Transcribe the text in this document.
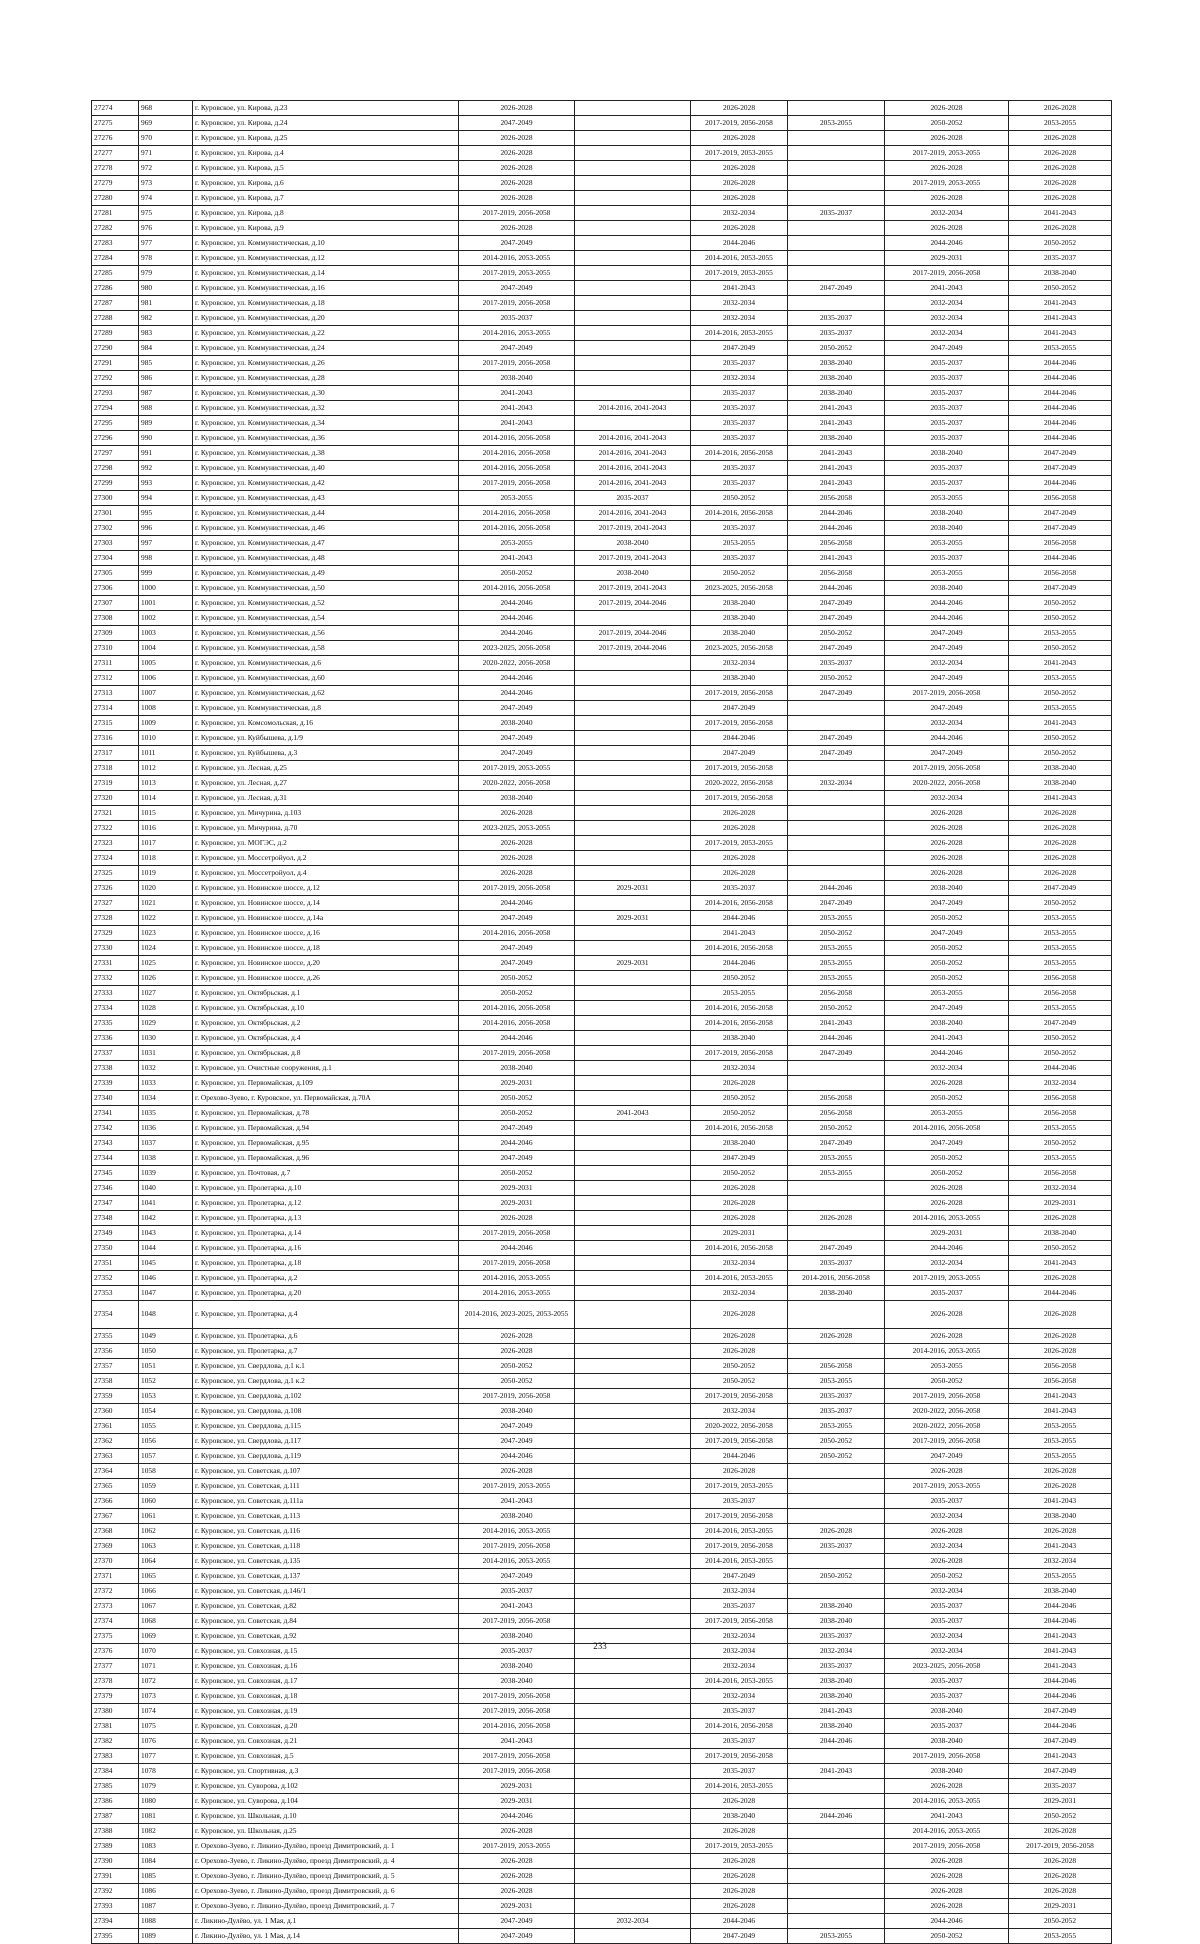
27274	968	г. Куровское, ул. Кирова, д.23	2026-2028		2026-2028		2026-2028	2026-2028
27275	969	г. Куровское, ул. Кирова, д.24	2047-2049		2017-2019, 2056-2058	2053-2055	2050-2052	2053-2055
27276	970	г. Куровское, ул. Кирова, д.25	2026-2028		2026-2028		2026-2028	2026-2028
27277	971	г. Куровское, ул. Кирова, д.4	2026-2028		2017-2019, 2053-2055		2017-2019, 2053-2055	2026-2028
27278	972	г. Куровское, ул. Кирова, д.5	2026-2028		2026-2028		2026-2028	2026-2028
27279	973	г. Куровское, ул. Кирова, д.6	2026-2028		2026-2028		2017-2019, 2053-2055	2026-2028
27280	974	г. Куровское, ул. Кирова, д.7	2026-2028		2026-2028		2026-2028	2026-2028
27281	975	г. Куровское, ул. Кирова, д.8	2017-2019, 2056-2058		2032-2034	2035-2037	2032-2034	2041-2043
27282	976	г. Куровское, ул. Кирова, д.9	2026-2028		2026-2028		2026-2028	2026-2028
27283	977	г. Куровское, ул. Коммунистическая, д.10	2047-2049		2044-2046		2044-2046	2050-2052
27284	978	г. Куровское, ул. Коммунистическая, д.12	2014-2016, 2053-2055		2014-2016, 2053-2055		2029-2031	2035-2037
27285	979	г. Куровское, ул. Коммунистическая, д.14	2017-2019, 2053-2055		2017-2019, 2053-2055		2017-2019, 2056-2058	2038-2040
27286	980	г. Куровское, ул. Коммунистическая, д.16	2047-2049		2041-2043	2047-2049	2041-2043	2050-2052
27287	981	г. Куровское, ул. Коммунистическая, д.18	2017-2019, 2056-2058		2032-2034		2032-2034	2041-2043
27288	982	г. Куровское, ул. Коммунистическая, д.20	2035-2037		2032-2034	2035-2037	2032-2034	2041-2043
27289	983	г. Куровское, ул. Коммунистическая, д.22	2014-2016, 2053-2055		2014-2016, 2053-2055	2035-2037	2032-2034	2041-2043
27290	984	г. Куровское, ул. Коммунистическая, д.24	2047-2049		2047-2049	2050-2052	2047-2049	2053-2055
27291	985	г. Куровское, ул. Коммунистическая, д.26	2017-2019, 2056-2058		2035-2037	2038-2040	2035-2037	2044-2046
27292	986	г. Куровское, ул. Коммунистическая, д.28	2038-2040		2032-2034	2038-2040	2035-2037	2044-2046
27293	987	г. Куровское, ул. Коммунистическая, д.30	2041-2043		2035-2037	2038-2040	2035-2037	2044-2046
27294	988	г. Куровское, ул. Коммунистическая, д.32	2041-2043	2014-2016, 2041-2043	2035-2037	2041-2043	2035-2037	2044-2046
27295	989	г. Куровское, ул. Коммунистическая, д.34	2041-2043		2035-2037	2041-2043	2035-2037	2044-2046
27296	990	г. Куровское, ул. Коммунистическая, д.36	2014-2016, 2056-2058	2014-2016, 2041-2043	2035-2037	2038-2040	2035-2037	2044-2046
27297	991	г. Куровское, ул. Коммунистическая, д.38	2014-2016, 2056-2058	2014-2016, 2041-2043	2014-2016, 2056-2058	2041-2043	2038-2040	2047-2049
27298	992	г. Куровское, ул. Коммунистическая, д.40	2014-2016, 2056-2058	2014-2016, 2041-2043	2035-2037	2041-2043	2035-2037	2047-2049
27299	993	г. Куровское, ул. Коммунистическая, д.42	2017-2019, 2056-2058	2014-2016, 2041-2043	2035-2037	2041-2043	2035-2037	2044-2046
27300	994	г. Куровское, ул. Коммунистическая, д.43	2053-2055	2035-2037	2050-2052	2056-2058	2053-2055	2056-2058
27301	995	г. Куровское, ул. Коммунистическая, д.44	2014-2016, 2056-2058	2014-2016, 2041-2043	2014-2016, 2056-2058	2044-2046	2038-2040	2047-2049
27302	996	г. Куровское, ул. Коммунистическая, д.46	2014-2016, 2056-2058	2017-2019, 2041-2043	2035-2037	2044-2046	2038-2040	2047-2049
27303	997	г. Куровское, ул. Коммунистическая, д.47	2053-2055	2038-2040	2053-2055	2056-2058	2053-2055	2056-2058
27304	998	г. Куровское, ул. Коммунистическая, д.48	2041-2043	2017-2019, 2041-2043	2035-2037	2041-2043	2035-2037	2044-2046
27305	999	г. Куровское, ул. Коммунистическая, д.49	2050-2052	2038-2040	2050-2052	2056-2058	2053-2055	2056-2058
27306	1000	г. Куровское, ул. Коммунистическая, д.50	2014-2016, 2056-2058	2017-2019, 2041-2043	2023-2025, 2056-2058	2044-2046	2038-2040	2047-2049
27307	1001	г. Куровское, ул. Коммунистическая, д.52	2044-2046	2017-2019, 2044-2046	2038-2040	2047-2049	2044-2046	2050-2052
27308	1002	г. Куровское, ул. Коммунистическая, д.54	2044-2046		2038-2040	2047-2049	2044-2046	2050-2052
27309	1003	г. Куровское, ул. Коммунистическая, д.56	2044-2046	2017-2019, 2044-2046	2038-2040	2050-2052	2047-2049	2053-2055
27310	1004	г. Куровское, ул. Коммунистическая, д.58	2023-2025, 2056-2058	2017-2019, 2044-2046	2023-2025, 2056-2058	2047-2049	2047-2049	2050-2052
27311	1005	г. Куровское, ул. Коммунистическая, д.6	2020-2022, 2056-2058		2032-2034	2035-2037	2032-2034	2041-2043
27312	1006	г. Куровское, ул. Коммунистическая, д.60	2044-2046		2038-2040	2050-2052	2047-2049	2053-2055
27313	1007	г. Куровское, ул. Коммунистическая, д.62	2044-2046		2017-2019, 2056-2058	2047-2049	2017-2019, 2056-2058	2050-2052
27314	1008	г. Куровское, ул. Коммунистическая, д.8	2047-2049		2047-2049		2047-2049	2053-2055
27315	1009	г. Куровское, ул. Комсомольская, д.16	2038-2040		2017-2019, 2056-2058		2032-2034	2041-2043
27316	1010	г. Куровское, ул. Куйбышева, д.1/9	2047-2049		2044-2046	2047-2049	2044-2046	2050-2052
27317	1011	г. Куровское, ул. Куйбышева, д.3	2047-2049		2047-2049	2047-2049	2047-2049	2050-2052
27318	1012	г. Куровское, ул. Лесная, д.25	2017-2019, 2053-2055		2017-2019, 2056-2058		2017-2019, 2056-2058	2038-2040
27319	1013	г. Куровское, ул. Лесная, д.27	2020-2022, 2056-2058		2020-2022, 2056-2058	2032-2034	2020-2022, 2056-2058	2038-2040
27320	1014	г. Куровское, ул. Лесная, д.31	2038-2040		2017-2019, 2056-2058		2032-2034	2041-2043
27321	1015	г. Куровское, ул. Мичурина, д.103	2026-2028		2026-2028		2026-2028	2026-2028
27322	1016	г. Куровское, ул. Мичурина, д.70	2023-2025, 2053-2055		2026-2028		2026-2028	2026-2028
27323	1017	г. Куровское, ул. МОГЭС, д.2	2026-2028		2017-2019, 2053-2055		2026-2028	2026-2028
27324	1018	г. Куровское, ул. Моссетройуол, д.2	2026-2028		2026-2028		2026-2028	2026-2028
27325	1019	г. Куровское, ул. Моссетройуол, д.4	2026-2028		2026-2028		2026-2028	2026-2028
27326	1020	г. Куровское, ул. Новинское шоссе, д.12	2017-2019, 2056-2058	2029-2031	2035-2037	2044-2046	2038-2040	2047-2049
27327	1021	г. Куровское, ул. Новинское шоссе, д.14	2044-2046		2014-2016, 2056-2058	2047-2049	2047-2049	2050-2052
27328	1022	г. Куровское, ул. Новинское шоссе, д.14а	2047-2049	2029-2031	2044-2046	2053-2055	2050-2052	2053-2055
27329	1023	г. Куровское, ул. Новинское шоссе, д.16	2014-2016, 2056-2058		2041-2043	2050-2052	2047-2049	2053-2055
27330	1024	г. Куровское, ул. Новинское шоссе, д.18	2047-2049		2014-2016, 2056-2058	2053-2055	2050-2052	2053-2055
27331	1025	г. Куровское, ул. Новинское шоссе, д.20	2047-2049	2029-2031	2044-2046	2053-2055	2050-2052	2053-2055
27332	1026	г. Куровское, ул. Новинское шоссе, д.26	2050-2052		2050-2052	2053-2055	2050-2052	2056-2058
27333	1027	г. Куровское, ул. Октябрьская, д.1	2050-2052		2053-2055	2056-2058	2053-2055	2056-2058
27334	1028	г. Куровское, ул. Октябрьская, д.10	2014-2016, 2056-2058		2014-2016, 2056-2058	2050-2052	2047-2049	2053-2055
27335	1029	г. Куровское, ул. Октябрьская, д.2	2014-2016, 2056-2058		2014-2016, 2056-2058	2041-2043	2038-2040	2047-2049
27336	1030	г. Куровское, ул. Октябрьская, д.4	2044-2046		2038-2040	2044-2046	2041-2043	2050-2052
27337	1031	г. Куровское, ул. Октябрьская, д.8	2017-2019, 2056-2058		2017-2019, 2056-2058	2047-2049	2044-2046	2050-2052
27338	1032	г. Куровское, ул. Очистные сооружения, д.1	2038-2040		2032-2034		2032-2034	2044-2046
27339	1033	г. Куровское, ул. Первомайская, д.109	2029-2031		2026-2028		2026-2028	2032-2034
27340	1034	г. Орехово-Зуево, г. Куровское, ул. Первомайская, д.70А	2050-2052		2050-2052	2056-2058	2050-2052	2056-2058
27341	1035	г. Куровское, ул. Первомайская, д.78	2050-2052	2041-2043	2050-2052	2056-2058	2053-2055	2056-2058
27342	1036	г. Куровское, ул. Первомайская, д.94	2047-2049		2014-2016, 2056-2058	2050-2052	2014-2016, 2056-2058	2053-2055
27343	1037	г. Куровское, ул. Первомайская, д.95	2044-2046		2038-2040	2047-2049	2047-2049	2050-2052
27344	1038	г. Куровское, ул. Первомайская, д.96	2047-2049		2047-2049	2053-2055	2050-2052	2053-2055
27345	1039	г. Куровское, ул. Почтовая, д.7	2050-2052		2050-2052	2053-2055	2050-2052	2056-2058
27346	1040	г. Куровское, ул. Пролетарка, д.10	2029-2031		2026-2028		2026-2028	2032-2034
27347	1041	г. Куровское, ул. Пролетарка, д.12	2029-2031		2026-2028		2026-2028	2029-2031
27348	1042	г. Куровское, ул. Пролетарка, д.13	2026-2028		2026-2028	2026-2028	2014-2016, 2053-2055	2026-2028
27349	1043	г. Куровское, ул. Пролетарка, д.14	2017-2019, 2056-2058		2029-2031		2029-2031	2038-2040
27350	1044	г. Куровское, ул. Пролетарка, д.16	2044-2046		2014-2016, 2056-2058	2047-2049	2044-2046	2050-2052
27351	1045	г. Куровское, ул. Пролетарка, д.18	2017-2019, 2056-2058		2032-2034	2035-2037	2032-2034	2041-2043
27352	1046	г. Куровское, ул. Пролетарка, д.2	2014-2016, 2053-2055		2014-2016, 2053-2055	2014-2016, 2056-2058	2017-2019, 2053-2055	2026-2028
27353	1047	г. Куровское, ул. Пролетарка, д.20	2014-2016, 2053-2055		2032-2034	2038-2040	2035-2037	2044-2046
27354	1048	г. Куровское, ул. Пролетарка, д.4	2014-2016, 2023-2025, 2053-2055		2026-2028		2026-2028	2026-2028
27355	1049	г. Куровское, ул. Пролетарка, д.6	2026-2028		2026-2028	2026-2028	2026-2028	2026-2028
27356	1050	г. Куровское, ул. Пролетарка, д.7	2026-2028		2026-2028		2014-2016, 2053-2055	2026-2028
27357	1051	г. Куровское, ул. Свердлова, д.1 к.1	2050-2052		2050-2052	2056-2058	2053-2055	2056-2058
27358	1052	г. Куровское, ул. Свердлова, д.1 к.2	2050-2052		2050-2052	2053-2055	2050-2052	2056-2058
27359	1053	г. Куровское, ул. Свердлова, д.102	2017-2019, 2056-2058		2017-2019, 2056-2058	2035-2037	2017-2019, 2056-2058	2041-2043
27360	1054	г. Куровское, ул. Свердлова, д.108	2038-2040		2032-2034	2035-2037	2020-2022, 2056-2058	2041-2043
27361	1055	г. Куровское, ул. Свердлова, д.115	2047-2049		2020-2022, 2056-2058	2053-2055	2020-2022, 2056-2058	2053-2055
27362	1056	г. Куровское, ул. Свердлова, д.117	2047-2049		2017-2019, 2056-2058	2050-2052	2017-2019, 2056-2058	2053-2055
27363	1057	г. Куровское, ул. Свердлова, д.119	2044-2046		2044-2046	2050-2052	2047-2049	2053-2055
27364	1058	г. Куровское, ул. Советская, д.107	2026-2028		2026-2028		2026-2028	2026-2028
27365	1059	г. Куровское, ул. Советская, д.111	2017-2019, 2053-2055		2017-2019, 2053-2055		2017-2019, 2053-2055	2026-2028
27366	1060	г. Куровское, ул. Советская, д.111а	2041-2043		2035-2037		2035-2037	2041-2043
27367	1061	г. Куровское, ул. Советская, д.113	2038-2040		2017-2019, 2056-2058		2032-2034	2038-2040
27368	1062	г. Куровское, ул. Советская, д.116	2014-2016, 2053-2055		2014-2016, 2053-2055	2026-2028	2026-2028	2026-2028
27369	1063	г. Куровское, ул. Советская, д.118	2017-2019, 2056-2058		2017-2019, 2056-2058	2035-2037	2032-2034	2041-2043
27370	1064	г. Куровское, ул. Советская, д.135	2014-2016, 2053-2055		2014-2016, 2053-2055		2026-2028	2032-2034
27371	1065	г. Куровское, ул. Советская, д.137	2047-2049		2047-2049	2050-2052	2050-2052	2053-2055
27372	1066	г. Куровское, ул. Советская, д.146/1	2035-2037		2032-2034		2032-2034	2038-2040
27373	1067	г. Куровское, ул. Советская, д.82	2041-2043		2035-2037	2038-2040	2035-2037	2044-2046
27374	1068	г. Куровское, ул. Советская, д.84	2017-2019, 2056-2058		2017-2019, 2056-2058	2038-2040	2035-2037	2044-2046
27375	1069	г. Куровское, ул. Советская, д.92	2038-2040		2032-2034	2035-2037	2032-2034	2041-2043
27376	1070	г. Куровское, ул. Совхозная, д.15	2035-2037		2032-2034	2032-2034	2032-2034	2041-2043
27377	1071	г. Куровское, ул. Совхозная, д.16	2038-2040		2032-2034	2035-2037	2023-2025, 2056-2058	2041-2043
27378	1072	г. Куровское, ул. Совхозная, д.17	2038-2040		2014-2016, 2053-2055	2038-2040	2035-2037	2044-2046
27379	1073	г. Куровское, ул. Совхозная, д.18	2017-2019, 2056-2058		2032-2034	2038-2040	2035-2037	2044-2046
27380	1074	г. Куровское, ул. Совхозная, д.19	2017-2019, 2056-2058		2035-2037	2041-2043	2038-2040	2047-2049
27381	1075	г. Куровское, ул. Совхозная, д.20	2014-2016, 2056-2058		2014-2016, 2056-2058	2038-2040	2035-2037	2044-2046
27382	1076	г. Куровское, ул. Совхозная, д.21	2041-2043		2035-2037	2044-2046	2038-2040	2047-2049
27383	1077	г. Куровское, ул. Совхозная, д.5	2017-2019, 2056-2058		2017-2019, 2056-2058		2017-2019, 2056-2058	2041-2043
27384	1078	г. Куровское, ул. Спортивная, д.3	2017-2019, 2056-2058		2035-2037	2041-2043	2038-2040	2047-2049
27385	1079	г. Куровское, ул. Суворова, д.102	2029-2031		2014-2016, 2053-2055		2026-2028	2035-2037
27386	1080	г. Куровское, ул. Суворова, д.104	2029-2031		2026-2028		2014-2016, 2053-2055	2029-2031
27387	1081	г. Куровское, ул. Школьная, д.10	2044-2046		2038-2040	2044-2046	2041-2043	2050-2052
27388	1082	г. Куровское, ул. Школьная, д.25	2026-2028		2026-2028		2014-2016, 2053-2055	2026-2028
27389	1083	г. Орехово-Зуево, г. Ликино-Дулёво, проезд Димитровский, д. 1	2017-2019, 2053-2055		2017-2019, 2053-2055		2017-2019, 2056-2058	2017-2019, 2056-2058
27390	1084	г. Орехово-Зуево, г. Ликино-Дулёво, проезд Димитровский, д. 4	2026-2028		2026-2028		2026-2028	2026-2028
27391	1085	г. Орехово-Зуево, г. Ликино-Дулёво, проезд Димитровский, д. 5	2026-2028		2026-2028		2026-2028	2026-2028
27392	1086	г. Орехово-Зуево, г. Ликино-Дулёво, проезд Димитровский, д. 6	2026-2028		2026-2028		2026-2028	2026-2028
27393	1087	г. Орехово-Зуево, г. Ликино-Дулёво, проезд Димитровский, д. 7	2029-2031		2026-2028		2026-2028	2029-2031
27394	1088	г. Ликино-Дулёво, ул. 1 Мая, д.1	2047-2049	2032-2034	2044-2046		2044-2046	2050-2052
27395	1089	г. Ликино-Дулёво, ул. 1 Мая, д.14	2047-2049		2047-2049	2053-2055	2050-2052	2053-2055
233
